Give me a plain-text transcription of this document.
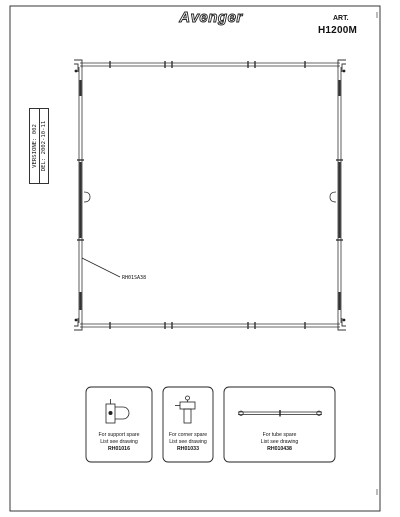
Avenger	ART.
H1200M
VERSIONE: 002 DEL: 2002-10-11
RH01SA38
For support spare
List see drawing
RH01016
For corner spare
List see drawing
RH01033
For tube spare
List see drawing
RH010438
